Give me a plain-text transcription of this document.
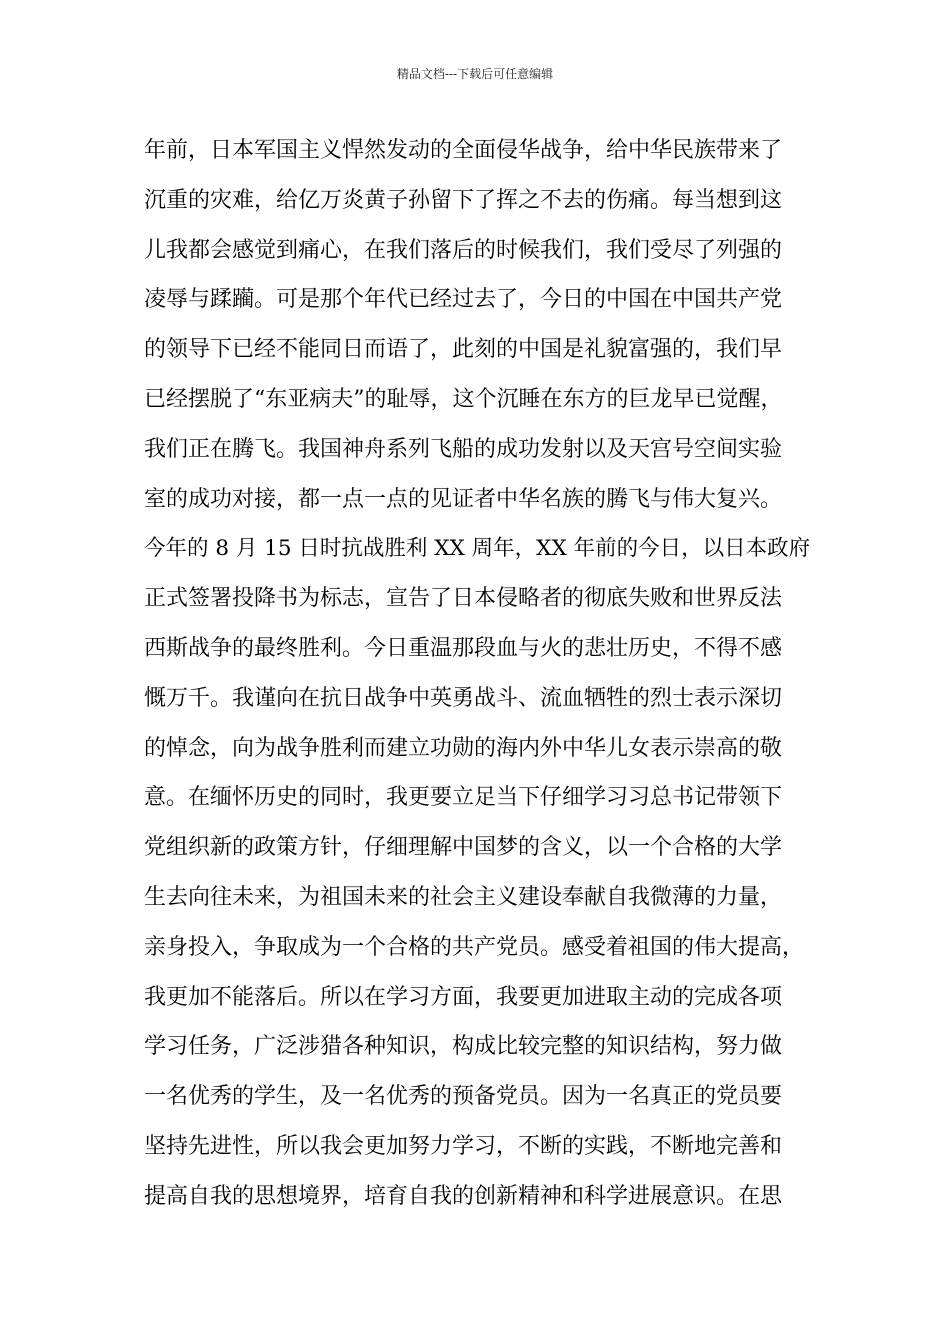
精品文档---下载后可任意编辑
年前，日本军国主义悍然发动的全面侵华战争，给中华民族带来了
沉重的灾难，给亿万炎黄子孙留下了挥之不去的伤痛。每当想到这
儿我都会感觉到痛心，在我们落后的时候我们，我们受尽了列强的
凌辱与蹂躏。可是那个年代已经过去了，今日的中国在中国共产党
的领导下已经不能同日而语了，此刻的中国是礼貌富强的，我们早
已经摆脱了“东亚病夫”的耻辱，这个沉睡在东方的巨龙早已觉醒，
我们正在腾飞。我国神舟系列飞船的成功发射以及天宫号空间实验
室的成功对接，都一点一点的见证者中华名族的腾飞与伟大复兴。
今年的 8 月 15 日时抗战胜利 XX 周年，XX 年前的今日，以日本政府
正式签署投降书为标志，宣告了日本侵略者的彻底失败和世界反法
西斯战争的最终胜利。今日重温那段血与火的悲壮历史，不得不感
慨万千。我谨向在抗日战争中英勇战斗、流血牺牲的烈士表示深切
的悼念，向为战争胜利而建立功勋的海内外中华儿女表示崇高的敬
意。在缅怀历史的同时，我更要立足当下仔细学习习总书记带领下
党组织新的政策方针，仔细理解中国梦的含义，以一个合格的大学
生去向往未来，为祖国未来的社会主义建设奉献自我微薄的力量，
亲身投入，争取成为一个合格的共产党员。感受着祖国的伟大提高，
我更加不能落后。所以在学习方面，我要更加进取主动的完成各项
学习任务，广泛涉猎各种知识，构成比较完整的知识结构，努力做
一名优秀的学生，及一名优秀的预备党员。因为一名真正的党员要
坚持先进性，所以我会更加努力学习，不断的实践，不断地完善和
提高自我的思想境界，培育自我的创新精神和科学进展意识。在思
